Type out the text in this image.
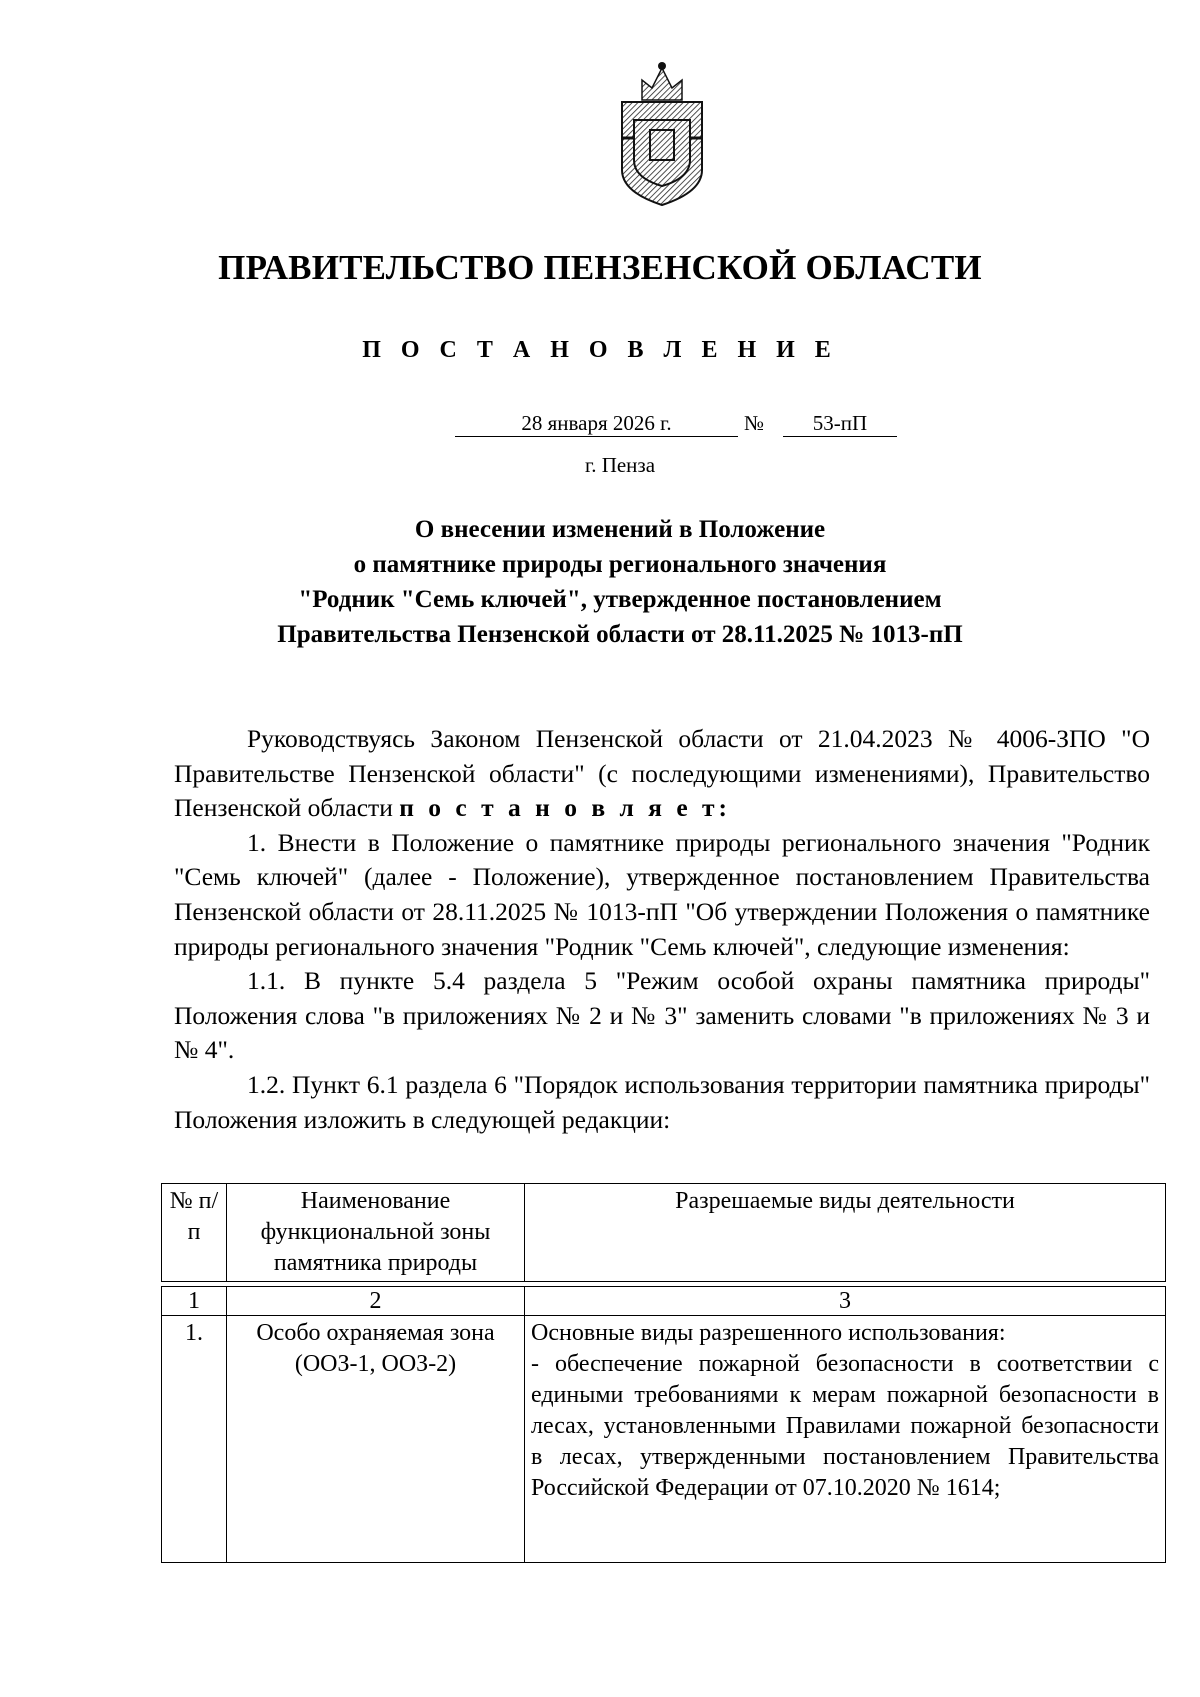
ПРАВИТЕЛЬСТВО ПЕНЗЕНСКОЙ ОБЛАСТИ
П О С Т А Н О В Л Е Н И Е
28 января 2026 г.	№	53-пП
г. Пенза
О внесении изменений в Положение
о памятнике природы регионального значения
"Родник "Семь ключей", утвержденное постановлением
Правительства Пензенской области от 28.11.2025 № 1013-пП

Руководствуясь Законом Пензенской области от 21.04.2023 № 4006-ЗПО "О Правительстве Пензенской области" (с последующими изменениями), Правительство Пензенской области п о с т а н о в л я е т:

1. Внести в Положение о памятнике природы регионального значения "Родник "Семь ключей" (далее - Положение), утвержденное постановлением Правительства Пензенской области от 28.11.2025 № 1013-пП "Об утверждении Положения о памятнике природы регионального значения "Родник "Семь ключей", следующие изменения:

1.1. В пункте 5.4 раздела 5 "Режим особой охраны памятника природы" Положения слова "в приложениях № 2 и № 3" заменить словами "в приложениях № 3 и № 4".

1.2. Пункт 6.1 раздела 6 "Порядок использования территории памятника природы" Положения изложить в следующей редакции:

№ п/п	Наименование функциональной зоны памятника природы	Разрешаемые виды деятельности

1	2	3
1.	Особо охраняемая зона (ООЗ-1, ООЗ-2)	Основные виды разрешенного использования:
- обеспечение пожарной безопасности в соответствии с едиными требованиями к мерам пожарной безопасности в лесах, установленными Правилами пожарной безопасности в лесах, утвержденными постановлением Правительства Российской Федерации от 07.10.2020 № 1614;
